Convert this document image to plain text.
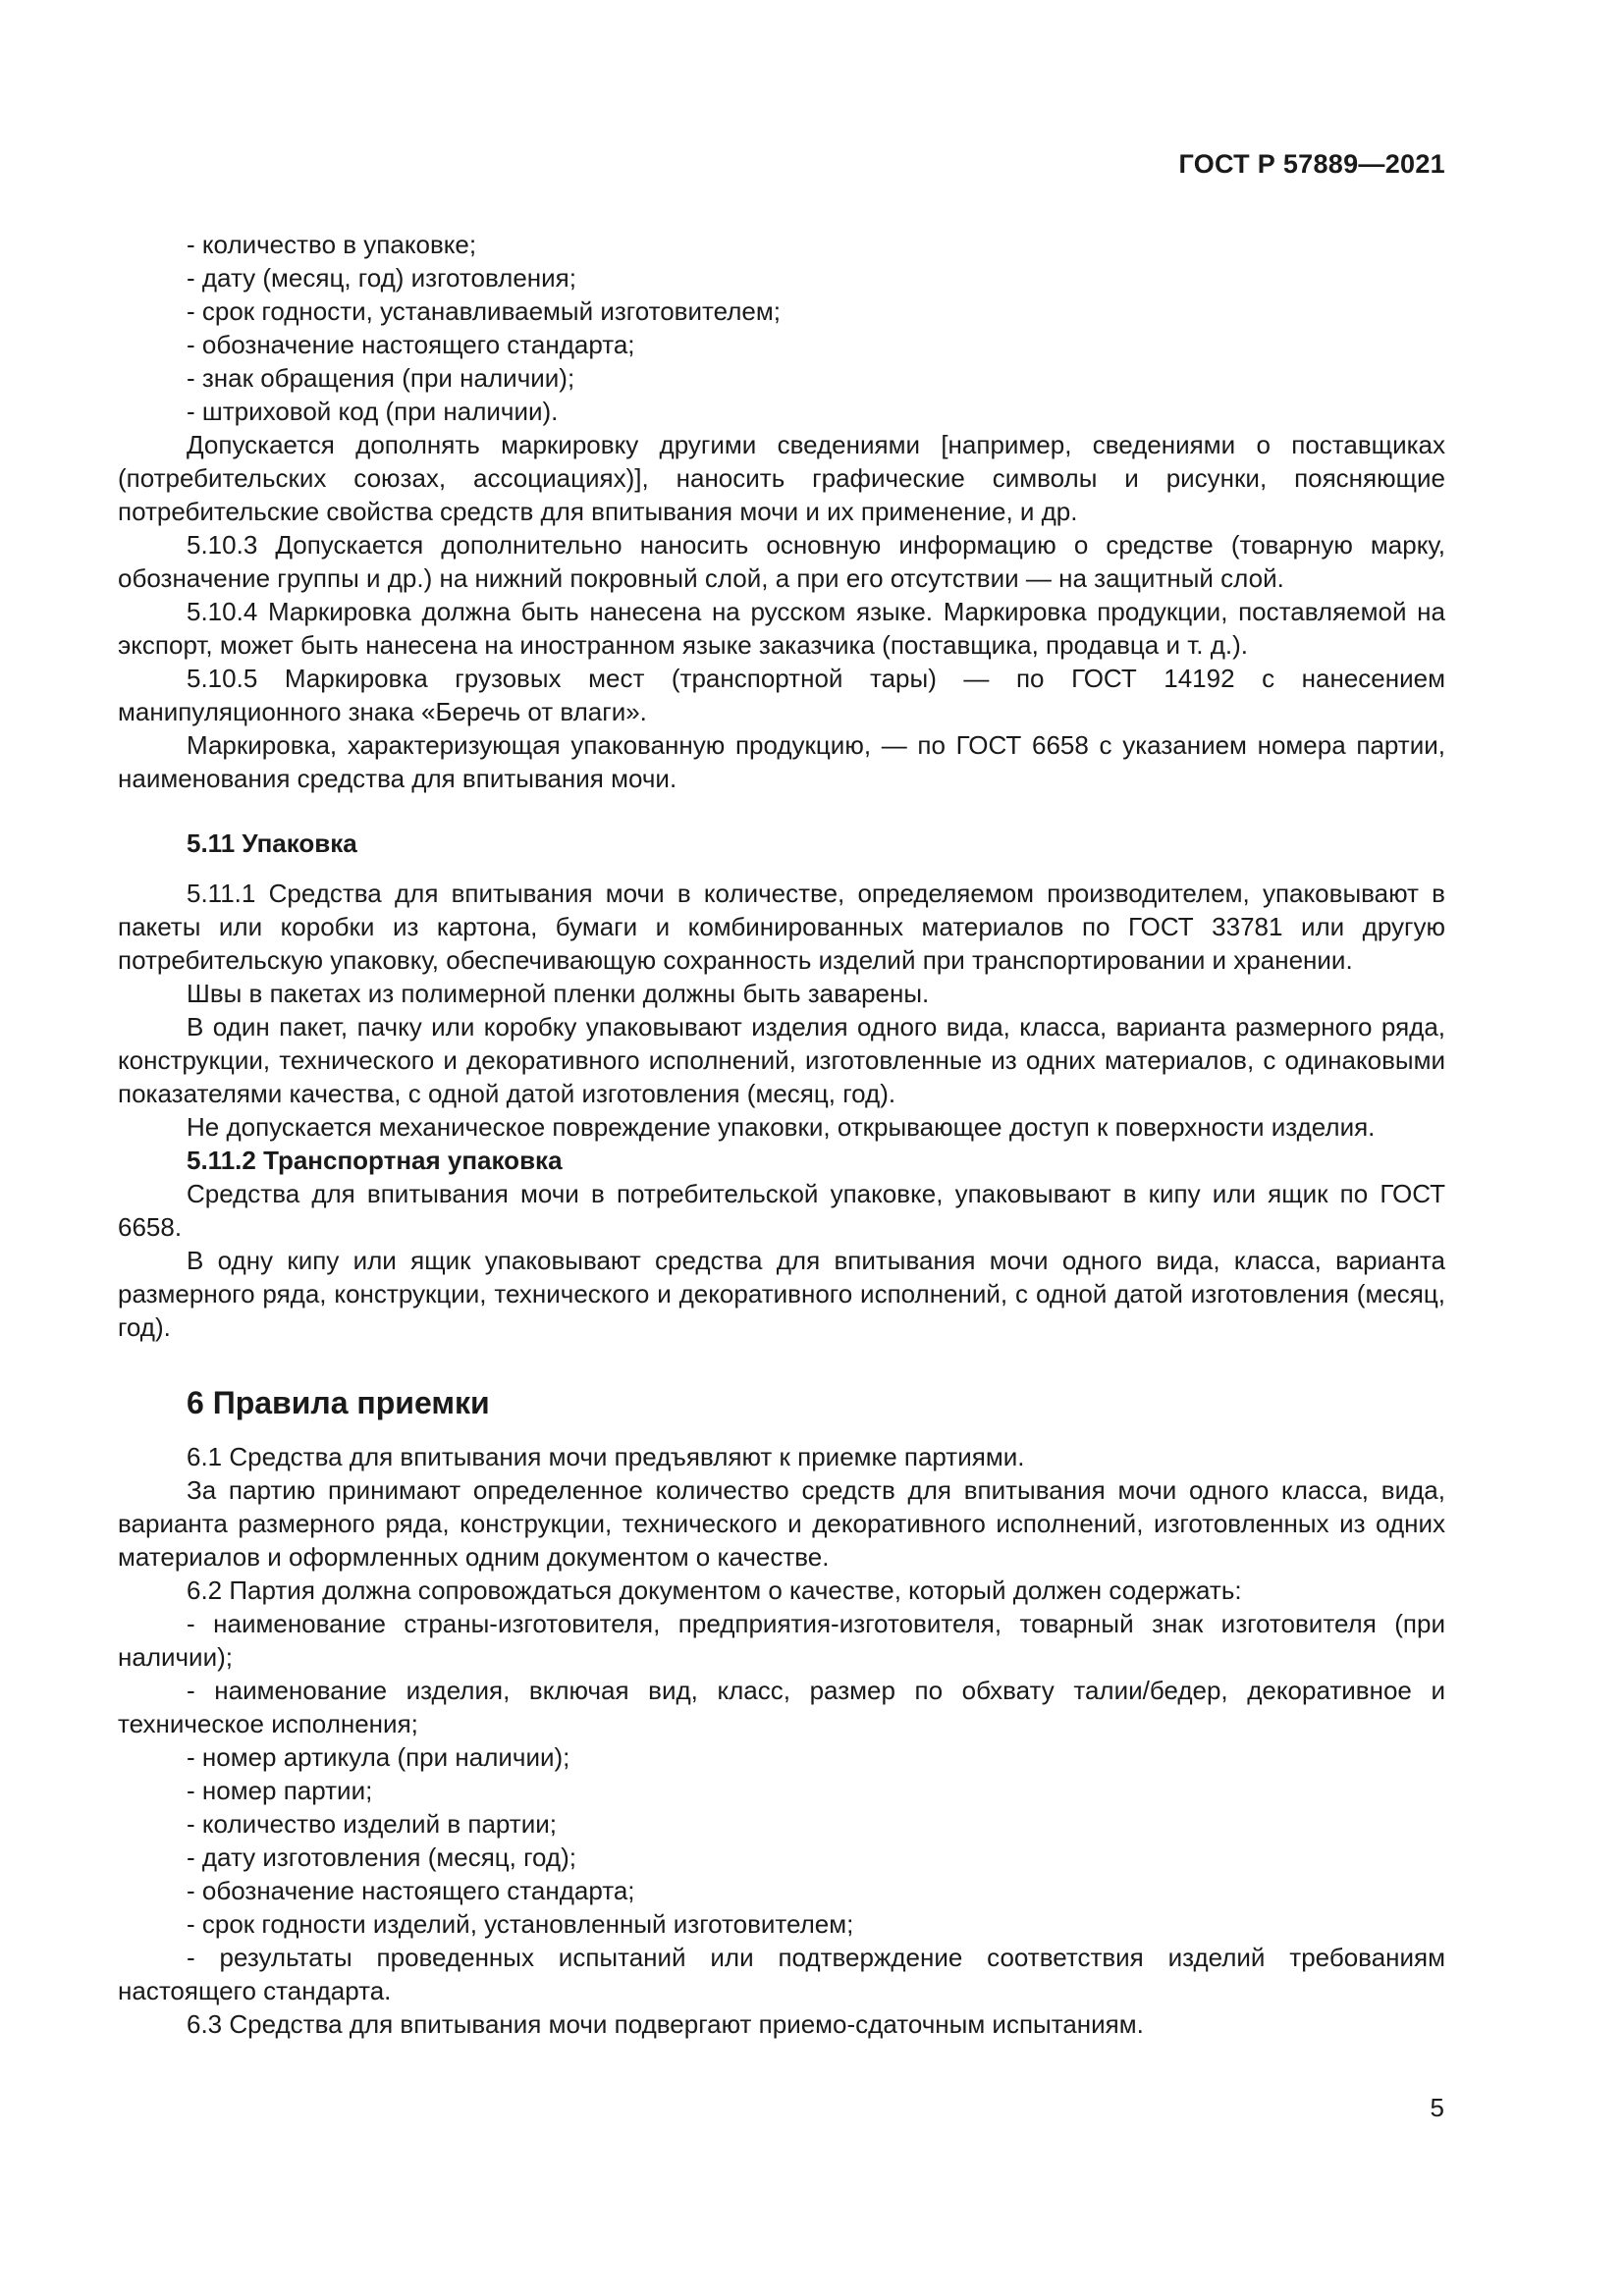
ГОСТ Р 57889—2021
- количество в упаковке;
- дату (месяц, год) изготовления;
- срок годности, устанавливаемый изготовителем;
- обозначение настоящего стандарта;
- знак обращения (при наличии);
- штриховой код (при наличии).

Допускается дополнять маркировку другими сведениями [например, сведениями о поставщиках (потребительских союзах, ассоциациях)], наносить графические символы и рисунки, поясняющие потребительские свойства средств для впитывания мочи и их применение, и др.

5.10.3 Допускается дополнительно наносить основную информацию о средстве (товарную марку, обозначение группы и др.) на нижний покровный слой, а при его отсутствии — на защитный слой.

5.10.4 Маркировка должна быть нанесена на русском языке. Маркировка продукции, поставляемой на экспорт, может быть нанесена на иностранном языке заказчика (поставщика, продавца и т. д.).

5.10.5 Маркировка грузовых мест (транспортной тары) — по ГОСТ 14192 с нанесением манипуляционного знака «Беречь от влаги».

Маркировка, характеризующая упакованную продукцию, — по ГОСТ 6658 с указанием номера партии, наименования средства для впитывания мочи.

5.11 Упаковка

5.11.1 Средства для впитывания мочи в количестве, определяемом производителем, упаковывают в пакеты или коробки из картона, бумаги и комбинированных материалов по ГОСТ 33781 или другую потребительскую упаковку, обеспечивающую сохранность изделий при транспортировании и хранении.

Швы в пакетах из полимерной пленки должны быть заварены.

В один пакет, пачку или коробку упаковывают изделия одного вида, класса, варианта размерного ряда, конструкции, технического и декоративного исполнений, изготовленные из одних материалов, с одинаковыми показателями качества, с одной датой изготовления (месяц, год).

Не допускается механическое повреждение упаковки, открывающее доступ к поверхности изделия.

5.11.2 Транспортная упаковка

Средства для впитывания мочи в потребительской упаковке, упаковывают в кипу или ящик по ГОСТ 6658.

В одну кипу или ящик упаковывают средства для впитывания мочи одного вида, класса, варианта размерного ряда, конструкции, технического и декоративного исполнений, с одной датой изготовления (месяц, год).

6 Правила приемки

6.1 Средства для впитывания мочи предъявляют к приемке партиями.

За партию принимают определенное количество средств для впитывания мочи одного класса, вида, варианта размерного ряда, конструкции, технического и декоративного исполнений, изготовленных из одних материалов и оформленных одним документом о качестве.

6.2 Партия должна сопровождаться документом о качестве, который должен содержать:

- наименование страны-изготовителя, предприятия-изготовителя, товарный знак изготовителя (при наличии);

- наименование изделия, включая вид, класс, размер по обхвату талии/бедер, декоративное и техническое исполнения;

- номер артикула (при наличии);
- номер партии;
- количество изделий в партии;
- дату изготовления (месяц, год);
- обозначение настоящего стандарта;
- срок годности изделий, установленный изготовителем;

- результаты проведенных испытаний или подтверждение соответствия изделий требованиям настоящего стандарта.

6.3 Средства для впитывания мочи подвергают приемо-сдаточным испытаниям.

5
